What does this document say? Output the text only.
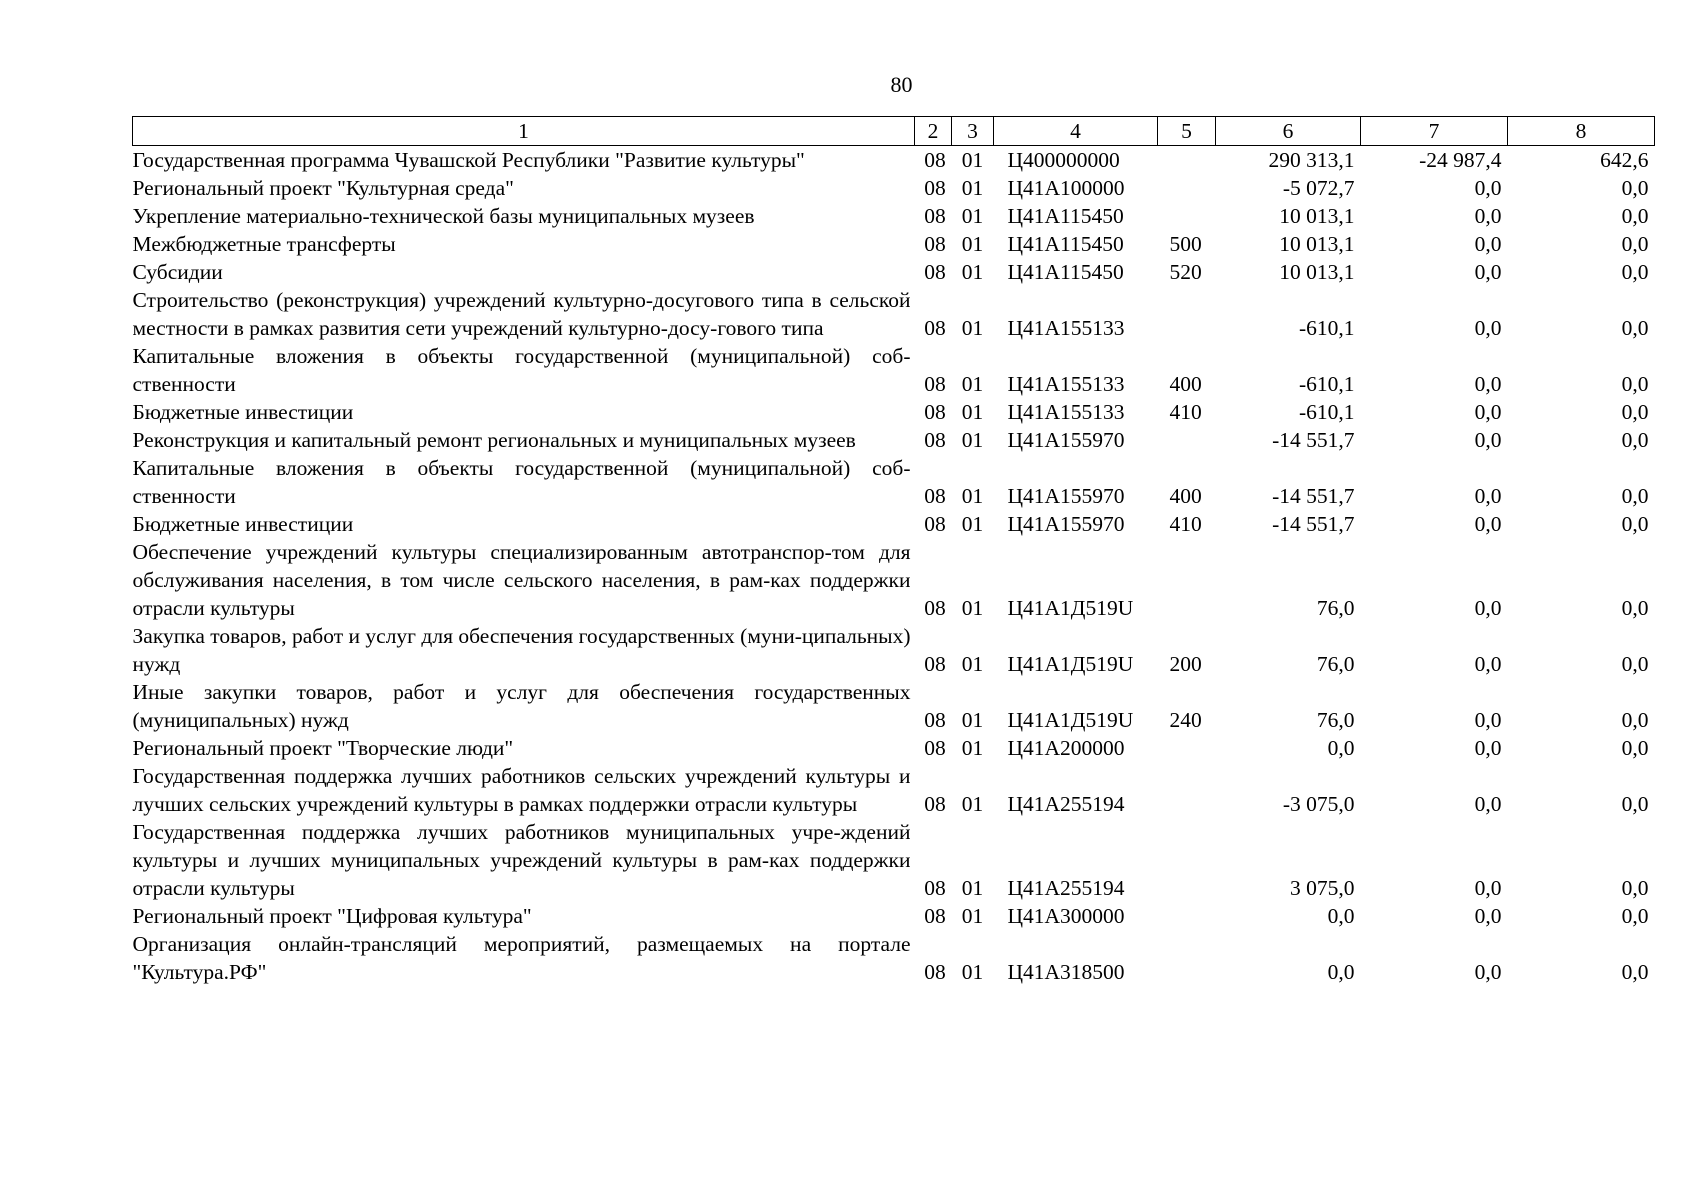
80
1	2	3	4	5	6	7	8
Государственная программа Чувашской Республики "Развитие культуры"	08	01	Ц400000000		290 313,1	-24 987,4	642,6
Региональный проект "Культурная среда"	08	01	Ц41А100000		-5 072,7	0,0	0,0
Укрепление материально-технической базы муниципальных музеев	08	01	Ц41А115450		10 013,1	0,0	0,0
Межбюджетные трансферты	08	01	Ц41А115450	500	10 013,1	0,0	0,0
Субсидии	08	01	Ц41А115450	520	10 013,1	0,0	0,0
Строительство (реконструкция) учреждений культурно-досугового типа в сельской местности в рамках развития сети учреждений культурно-досу-гового типа	08	01	Ц41А155133		-610,1	0,0	0,0
Капитальные вложения в объекты государственной (муниципальной) соб-ственности	08	01	Ц41А155133	400	-610,1	0,0	0,0
Бюджетные инвестиции	08	01	Ц41А155133	410	-610,1	0,0	0,0
Реконструкция и капитальный ремонт региональных и муниципальных музеев	08	01	Ц41А155970		-14 551,7	0,0	0,0
Капитальные вложения в объекты государственной (муниципальной) соб-ственности	08	01	Ц41А155970	400	-14 551,7	0,0	0,0
Бюджетные инвестиции	08	01	Ц41А155970	410	-14 551,7	0,0	0,0
Обеспечение учреждений культуры специализированным автотранспор-том для обслуживания населения, в том числе сельского населения, в рам-ках поддержки отрасли культуры	08	01	Ц41А1Д519U		76,0	0,0	0,0
Закупка товаров, работ и услуг для обеспечения государственных (муни-ципальных) нужд	08	01	Ц41А1Д519U	200	76,0	0,0	0,0
Иные закупки товаров, работ и услуг для обеспечения государственных (муниципальных) нужд	08	01	Ц41А1Д519U	240	76,0	0,0	0,0
Региональный проект "Творческие люди"	08	01	Ц41А200000		0,0	0,0	0,0
Государственная поддержка лучших работников сельских учреждений культуры и лучших сельских учреждений культуры в рамках поддержки отрасли культуры	08	01	Ц41А255194		-3 075,0	0,0	0,0
Государственная поддержка лучших работников муниципальных учре-ждений культуры и лучших муниципальных учреждений культуры в рам-ках поддержки отрасли культуры	08	01	Ц41А255194		3 075,0	0,0	0,0
Региональный проект "Цифровая культура"	08	01	Ц41А300000		0,0	0,0	0,0
Организация онлайн-трансляций мероприятий, размещаемых на портале "Культура.РФ"	08	01	Ц41А318500		0,0	0,0	0,0
